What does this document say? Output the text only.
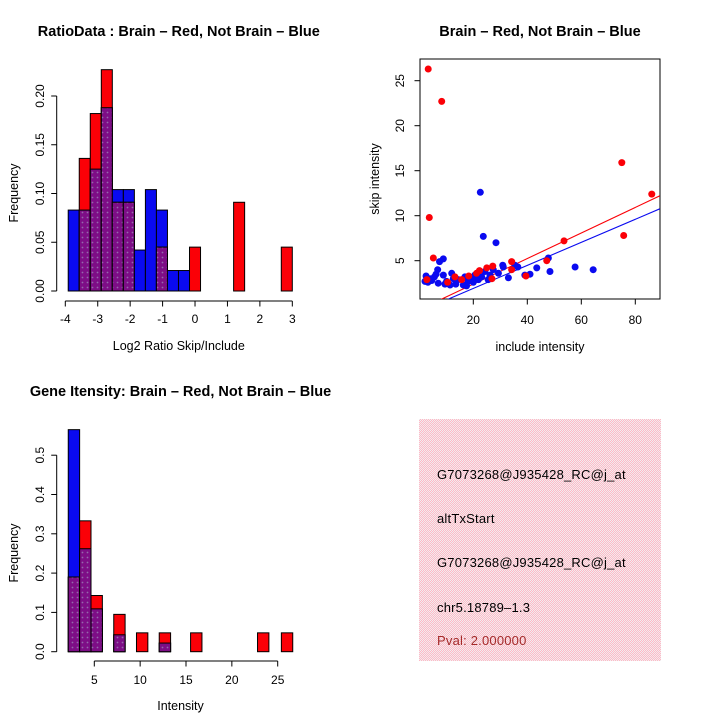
-4 -3 -2 -1 0 1 2 3
0.00
0.05
0.10
0.15
0.20
RatioData : Brain – Red, Not Brain – Blue
Log2 Ratio Skip/Include
Frequency
20	40	60	80
5
10
15
20
25
Brain – Red, Not Brain – Blue
include intensity
skip intensity
5	10	15	20	25
0.0
0.1
0.2
0.3
0.4
0.5
Gene Itensity: Brain – Red, Not Brain – Blue
Intensity
Frequency
G7073268@J935428_RC@j_at
altTxStart
G7073268@J935428_RC@j_at
chr5.18789–1.3
Pval: 2.000000
